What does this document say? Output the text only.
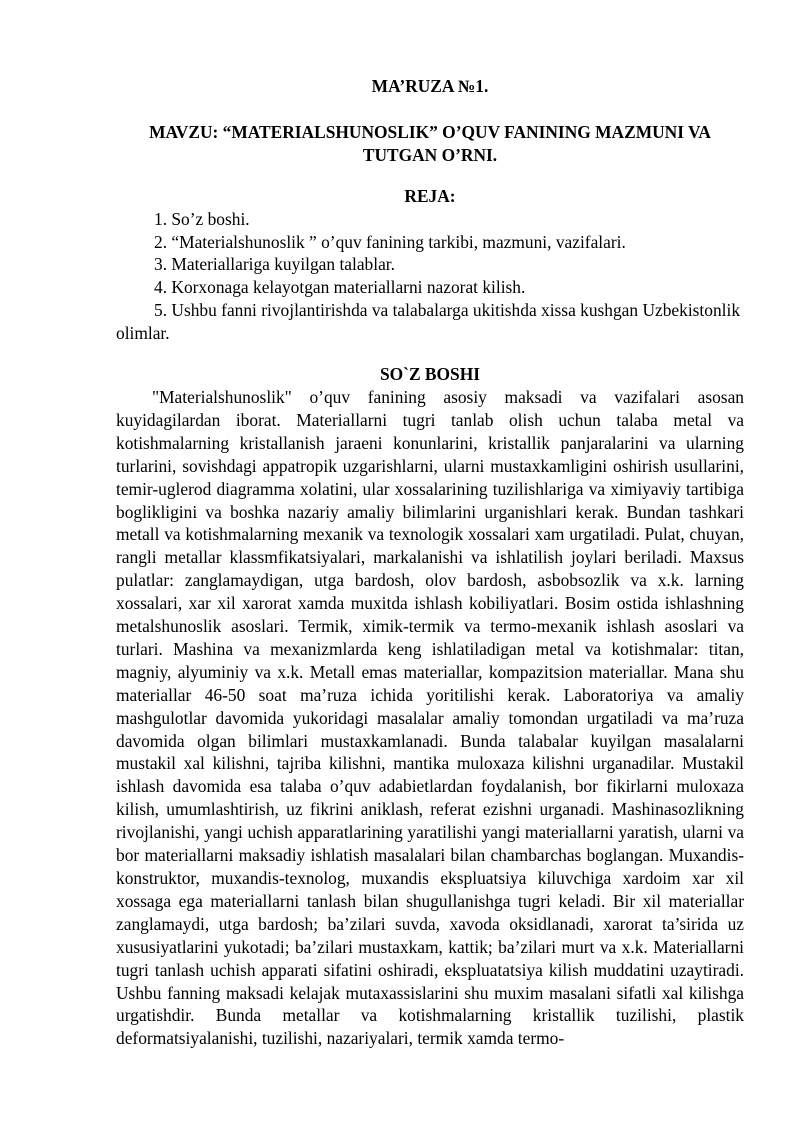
MA’RUZA №1.

MAVZU: “MATERIALSHUNOSLIK” O’QUV FANINING MAZMUNI VA TUTGAN O’RNI.

REJA:

1. So’z boshi.
2. “Materialshunoslik ” o’quv fanining tarkibi, mazmuni, vazifalari.
3. Materiallariga kuyilgan talablar.
4. Korxonaga kelayotgan materiallarni nazorat kilish.
5. Ushbu fanni rivojlantirishda va talabalarga ukitishda xissa kushgan Uzbekistonlik olimlar.

SO`Z BOSHI

"Materialshunoslik" o’quv fanining asosiy maksadi va vazifalari asosan kuyidagilardan iborat. Materiallarni tugri tanlab olish uchun talaba metal va kotishmalarning kristallanish jaraeni konunlarini, kristallik panjaralarini va ularning turlarini, sovishdagi appatropik uzgarishlarni, ularni mustaxkamligini oshirish usullarini, temir-uglerod diagramma xolatini, ular xossalarining tuzilishlariga va ximiyaviy tartibiga boglikligini va boshka nazariy amaliy bilimlarini urganishlari kerak. Bundan tashkari metall va kotishmalarning mexanik va texnologik xossalari xam urgatiladi. Pulat, chuyan, rangli metallar klassmfikatsiyalari, markalanishi va ishlatilish joylari beriladi. Maxsus pulatlar: zanglamaydigan, utga bardosh, olov bardosh, asbobsozlik va x.k. larning xossalari, xar xil xarorat xamda muxitda ishlash kobiliyatlari. Bosim ostida ishlashning metalshunoslik asoslari. Termik, ximik-termik va termo-mexanik ishlash asoslari va turlari. Mashina va mexanizmlarda keng ishlatiladigan metal va kotishmalar: titan, magniy, alyuminiy va x.k. Metall emas materiallar, kompazitsion materiallar. Mana shu materiallar 46-50 soat ma’ruza ichida yoritilishi kerak. Laboratoriya va amaliy mashgulotlar davomida yukoridagi masalalar amaliy tomondan urgatiladi va ma’ruza davomida olgan bilimlari mustaxkamlanadi. Bunda talabalar kuyilgan masalalarni mustakil xal kilishni, tajriba kilishni, mantika muloxaza kilishni urganadilar. Mustakil ishlash davomida esa talaba o’quv adabietlardan foydalanish, bor fikirlarni muloxaza kilish, umumlashtirish, uz fikrini aniklash, referat ezishni urganadi. Mashinasozlikning rivojlanishi, yangi uchish apparatlarining yaratilishi yangi materiallarni yaratish, ularni va bor materiallarni maksadiy ishlatish masalalari bilan chambarchas boglangan. Muxandis-konstruktor, muxandis-texnolog, muxandis ekspluatsiya kiluvchiga xardoim xar xil xossaga ega materiallarni tanlash bilan shugullanishga tugri keladi. Bir xil materiallar zanglamaydi, utga bardosh; ba’zilari suvda, xavoda oksidlanadi, xarorat ta’sirida uz xususiyatlarini yukotadi; ba’zilari mustaxkam, kattik; ba’zilari murt va x.k. Materiallarni tugri tanlash uchish apparati sifatini oshiradi, ekspluatatsiya kilish muddatini uzaytiradi. Ushbu fanning maksadi kelajak mutaxassislarini shu muxim masalani sifatli xal kilishga urgatishdir. Bunda metallar va kotishmalarning kristallik tuzilishi, plastik deformatsiyalanishi, tuzilishi, nazariyalari, termik xamda termo-
